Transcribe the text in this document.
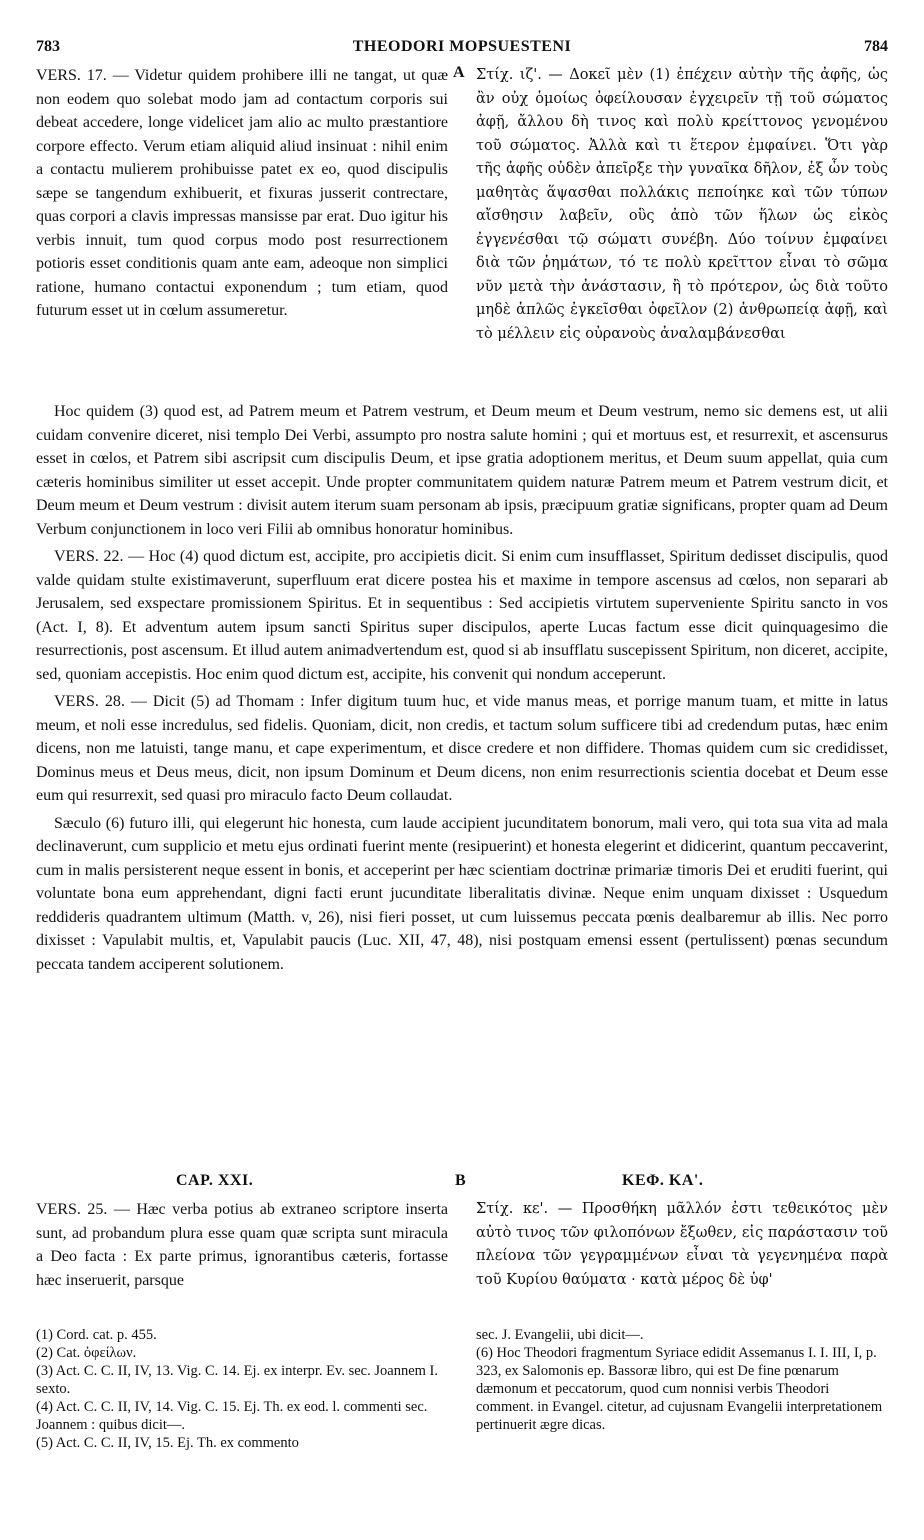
783	THEODORI MOPSUESTENI	784

VERS. 17. — Videtur quidem prohibere illi ne tangat, ut quæ non eodem quo solebat modo jam ad contactum corporis sui debeat accedere, longe videlicet jam alio ac multo præstantiore corpore effecto. Verum etiam aliquid aliud insinuat : nihil enim a contactu mulierem prohibuisse patet ex eo, quod discipulis sæpe se tangendum exhibuerit, et fixuras jusserit contrectare, quas corpori a clavis impressas mansisse par erat. Duo igitur his verbis innuit, tum quod corpus modo post resurrectionem potioris esset conditionis quam ante eam, adeoque non simplici ratione, humano contactui exponendum ; tum etiam, quod futurum esset ut in cœlum assumeretur.

A Στίχ. ιζ'. — Δοκεῖ μὲν (1) ἐπέχειν αὐτὴν τῆς ἀφῆς, ὡς ἂν οὐχ ὁμοίως ὀφείλουσαν ἐγχειρεῖν τῇ τοῦ σώματος ἀφῇ, ἄλλου δὴ τινος καὶ πολὺ κρείττονος γενομένου τοῦ σώματος. Ἀλλὰ καὶ τι ἕτερον ἐμφαίνει. Ὅτι γὰρ τῆς ἀφῆς οὐδὲν ἀπεῖρξε τὴν γυναῖκα δῆλον, ἐξ ὧν τοὺς μαθητὰς ἅψασθαι πολλάκις πεποίηκε καὶ τῶν τύπων αἴσθησιν λαβεῖν, οὓς ἀπὸ τῶν ἥλων ὡς εἰκὸς ἐγγενέσθαι τῷ σώματι συνέβη. Δύο τοίνυν ἐμφαίνει διὰ τῶν ῥημάτων, τό τε πολὺ κρεῖττον εἶναι τὸ σῶμα νῦν μετὰ τὴν ἀνάστασιν, ἢ τὸ πρότερον, ὡς διὰ τοῦτο μηδὲ ἁπλῶς ἐγκεῖσθαι ὀφεῖλον (2) ἀνθρωπείᾳ ἀφῇ, καὶ τὸ μέλλειν εἰς οὐρανοὺς ἀναλαμβάνεσθαι

Hoc quidem (3) quod est, ad Patrem meum et Patrem vestrum, et Deum meum et Deum vestrum, nemo sic demens est, ut alii cuidam convenire diceret, nisi templo Dei Verbi, assumpto pro nostra salute homini ; qui et mortuus est, et resurrexit, et ascensurus esset in cœlos, et Patrem sibi ascripsit cum discipulis Deum, et ipse gratia adoptionem meritus, et Deum suum appellat, quia cum cæteris hominibus similiter ut esset accepit. Unde propter communitatem quidem naturæ Patrem meum et Patrem vestrum dicit, et Deum meum et Deum vestrum : divisit autem iterum suam personam ab ipsis, præcipuum gratiæ significans, propter quam ad Deum Verbum conjunctionem in loco veri Filii ab omnibus honoratur hominibus.

VERS. 22. — Hoc (4) quod dictum est, accipite, pro accipietis dicit. Si enim cum insufflasset, Spiritum dedisset discipulis, quod valde quidam stulte existimaverunt, superfluum erat dicere postea his et maxime in tempore ascensus ad cœlos, non separari ab Jerusalem, sed exspectare promissionem Spiritus. Et in sequentibus : Sed accipietis virtutem superveniente Spiritu sancto in vos (Act. I, 8). Et adventum autem ipsum sancti Spiritus super discipulos, aperte Lucas factum esse dicit quinquagesimo die resurrectionis, post ascensum. Et illud autem animadvertendum est, quod si ab insufflatu suscepissent Spiritum, non diceret, accipite, sed, quoniam accepistis. Hoc enim quod dictum est, accipite, his convenit qui nondum acceperunt.

VERS. 28. — Dicit (5) ad Thomam : Infer digitum tuum huc, et vide manus meas, et porrige manum tuam, et mitte in latus meum, et noli esse incredulus, sed fidelis. Quoniam, dicit, non credis, et tactum solum sufficere tibi ad credendum putas, hæc enim dicens, non me latuisti, tange manu, et cape experimentum, et disce credere et non diffidere. Thomas quidem cum sic credidisset, Dominus meus et Deus meus, dicit, non ipsum Dominum et Deum dicens, non enim resurrectionis scientia docebat et Deum esse eum qui resurrexit, sed quasi pro miraculo facto Deum collaudat.

Sæculo (6) futuro illi, qui elegerunt hic honesta, cum laude accipient jucunditatem bonorum, mali vero, qui tota sua vita ad mala declinaverunt, cum supplicio et metu ejus ordinati fuerint mente (resipuerint) et honesta elegerint et didicerint, quantum peccaverint, cum in malis persisterent neque essent in bonis, et acceperint per hæc scientiam doctrinæ primariæ timoris Dei et eruditi fuerint, qui voluntate bona eum apprehendant, digni facti erunt jucunditate liberalitatis divinæ. Neque enim unquam dixisset : Usquedum reddideris quadrantem ultimum (Matth. v, 26), nisi fieri posset, ut cum luissemus peccata pœnis dealbaremur ab illis. Nec porro dixisset : Vapulabit multis, et, Vapulabit paucis (Luc. XII, 47, 48), nisi postquam emensi essent (pertulissent) pœnas secundum peccata tandem acciperent solutionem.

CAP. XXI.	B	ΚΕΦ. ΚΑ'.

VERS. 25. — Hæc verba potius ab extraneo scriptore inserta sunt, ad probandum plura esse quam quæ scripta sunt miracula a Deo facta : Ex parte primus, ignorantibus cæteris, fortasse hæc inseruerit, parsque

Στίχ. κε'. — Προσθήκη μᾶλλόν ἐστι τεθεικότος μὲν αὐτὸ τινος τῶν φιλοπόνων ἔξωθεν, εἰς παράστασιν τοῦ πλείονα τῶν γεγραμμένων εἶναι τὰ γεγενημένα παρὰ τοῦ Κυρίου θαύματα · κατὰ μέρος δὲ ὑφ'

(1) Cord. cat. p. 455.
(2) Cat. ὀφείλων.
(3) Act. C. C. II, IV, 13. Vig. C. 14. Ej. ex interpr. Ev. sec. Joannem I. sexto.
(4) Act. C. C. II, IV, 14. Vig. C. 15. Ej. Th. ex eod. l. commenti sec. Joannem : quibus dicit—.
(5) Act. C. C. II, IV, 15. Ej. Th. ex commento
sec. J. Evangelii, ubi dicit—.
(6) Hoc Theodori fragmentum Syriace edidit Assemanus I. I. III, I, p. 323, ex Salomonis ep. Bassoræ libro, qui est De fine pœnarum dæmonum et peccatorum, quod cum nonnisi verbis Theodori comment. in Evangel. citetur, ad cujusnam Evangelii interpretationem pertinuerit ægre dicas.
